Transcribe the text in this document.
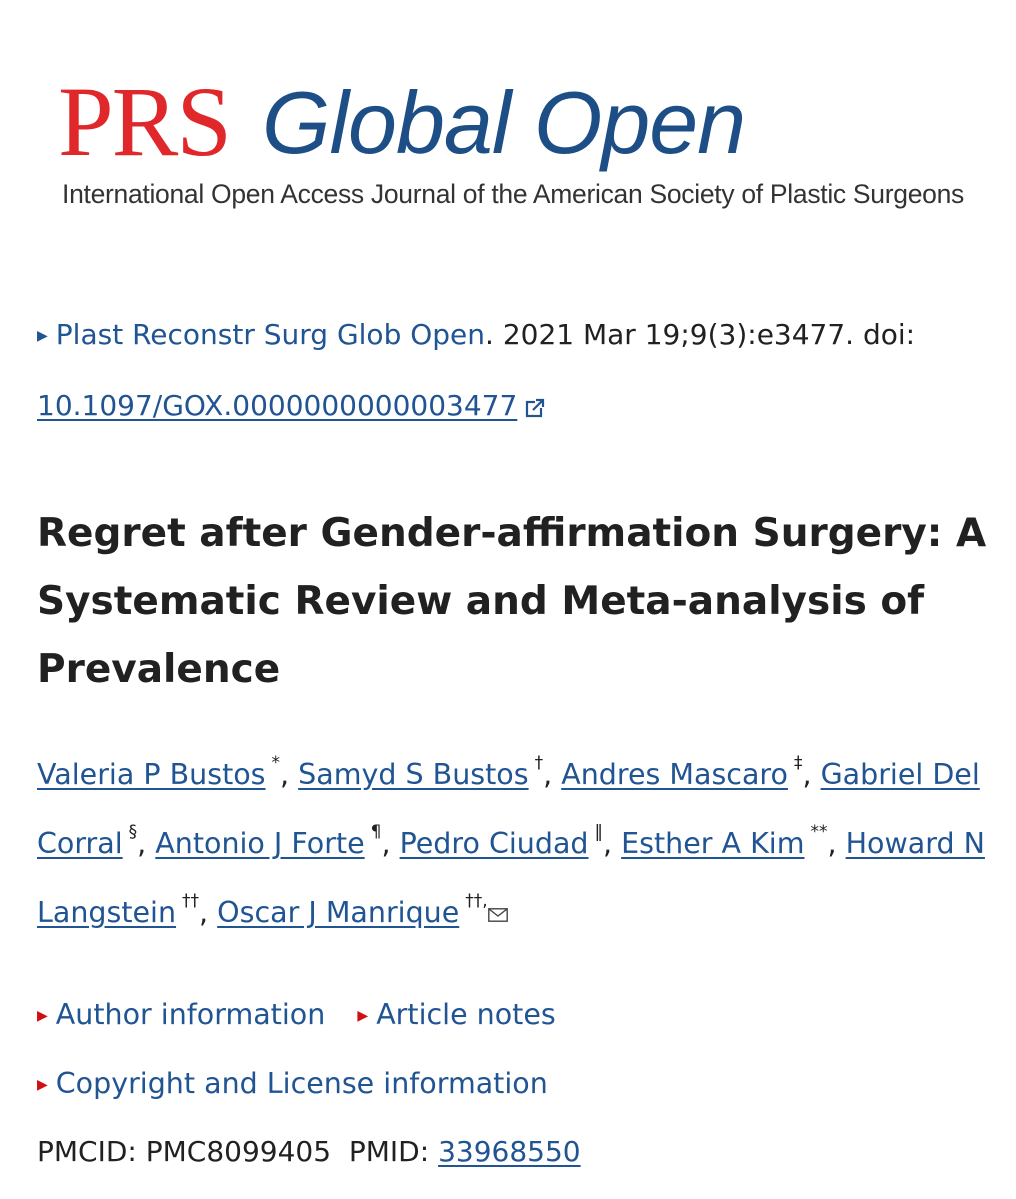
PRS Global Open
International Open Access Journal of the American Society of Plastic Surgeons
▶ Plast Reconstr Surg Glob Open. 2021 Mar 19;9(3):e3477. doi:
10.1097/GOX.0000000000003477
Regret after Gender-affirmation Surgery: A Systematic Review and Meta-analysis of Prevalence
Valeria P Bustos *, Samyd S Bustos †, Andres Mascaro ‡, Gabriel Del Corral §, Antonio J Forte ¶, Pedro Ciudad ‖, Esther A Kim **, Howard N Langstein ††, Oscar J Manrique ††,
▶ Author information ▶ Article notes
▶ Copyright and License information
PMCID: PMC8099405 PMID: 33968550
